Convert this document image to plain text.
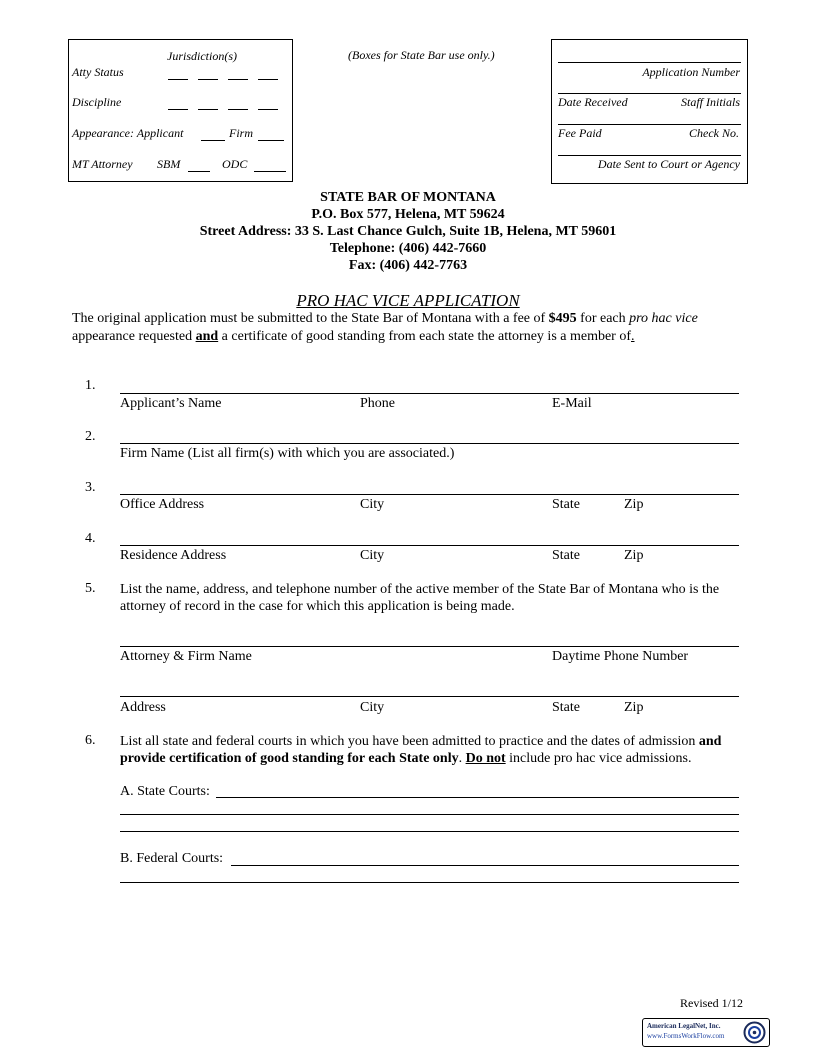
Jurisdiction(s)
Atty Status
Discipline
Appearance: Applicant	Firm
MT Attorney SBM	ODC
(Boxes for State Bar use only.)
Application Number
Date Received	Staff Initials
Fee Paid	Check No.
Date Sent to Court or Agency
STATE BAR OF MONTANA
P.O. Box 577, Helena, MT 59624
Street Address: 33 S. Last Chance Gulch, Suite 1B, Helena, MT 59601
Telephone: (406) 442-7660
Fax: (406) 442-7763
PRO HAC VICE APPLICATION

The original application must be submitted to the State Bar of Montana with a fee of $495 for each pro hac vice

appearance requested and a certificate of good standing from each state the attorney is a member of.

1.
Applicant’s Name	Phone	E-Mail
2.
Firm Name (List all firm(s) with which you are associated.)
3.
Office Address	City	State	Zip
4.
Residence Address	City	State	Zip
5. List the name, address, and telephone number of the active member of the State Bar of Montana who is the attorney of record in the case for which this application is being made.
Attorney & Firm Name	Daytime Phone Number
Address	City	State	Zip
6. List all state and federal courts in which you have been admitted to practice and the dates of admission and provide certification of good standing for each State only. Do not include pro hac vice admissions.
A. State Courts:
B. Federal Courts:
Revised 1/12
American LegalNet, Inc.
www.FormsWorkFlow.com
